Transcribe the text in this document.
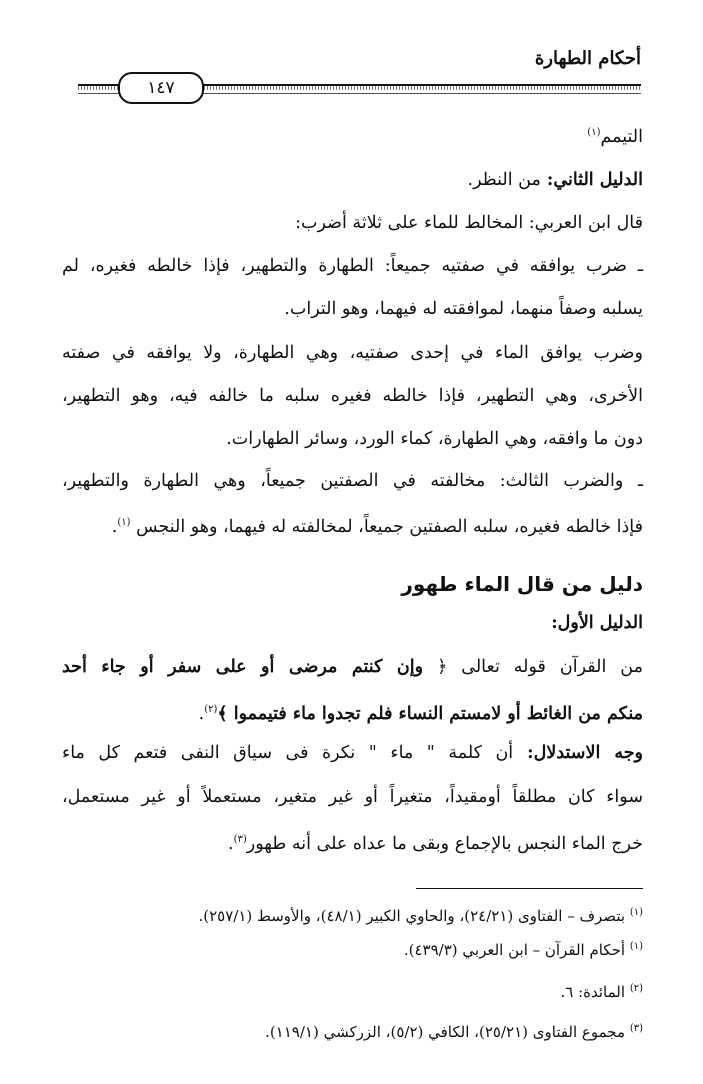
أحكام الطهارة
١٤٧
التيمم$^{(١)}$
الدليل الثاني: من النظر.
قال ابن العربي: المخالط للماء على ثلاثة أضرب:
ـ ضرب يوافقه في صفتيه جميعاً: الطهارة والتطهير، فإذا خالطه فغيره، لم
يسلبه وصفاً منهما، لموافقته له فيهما، وهو التراب.
وضرب يوافق الماء في إحدى صفتيه، وهي الطهارة، ولا يوافقه في صفته
الأخرى، وهي التطهير، فإذا خالطه فغيره سلبه ما خالفه فيه، وهو التطهير،
دون ما وافقه، وهي الطهارة، كماء الورد، وسائر الطهارات.
ـ والضرب الثالث: مخالفته في الصفتين جميعاً، وهي الطهارة والتطهير،
فإذا خالطه فغيره، سلبه الصفتين جميعاً، لمخالفته له فيهما، وهو النجس $^{(١)}$.
دليل من قال الماء طهور
الدليل الأول:
من القرآن قوله تعالى ﴿ وإن كنتم مرضى أو على سفر أو جاء أحد
منكم من الغائط أو لامستم النساء فلم تجدوا ماء فتيمموا ﴾$^{(٢)}$.
وجه الاستدلال: أن كلمة " ماء " نكرة فى سياق النفى فتعم كل ماء
سواء كان مطلقاً أومقيداً، متغيراً أو غير متغير، مستعملاً أو غير مستعمل،
خرج الماء النجس بالإجماع وبقى ما عداه على أنه طهور$^{(٣)}$.
$^{(١)}$ بتصرف – الفتاوى (٢٤/٢١)، والحاوي الكبير (٤٨/١)، والأوسط (٢٥٧/١).
$^{(١)}$ أحكام القرآن – ابن العربي (٤٣٩/٣).
$^{(٢)}$ المائدة: ٦.
$^{(٣)}$ مجموع الفتاوى (٢٥/٢١)، الكافي (٥/٢)، الزركشي (١١٩/١).
